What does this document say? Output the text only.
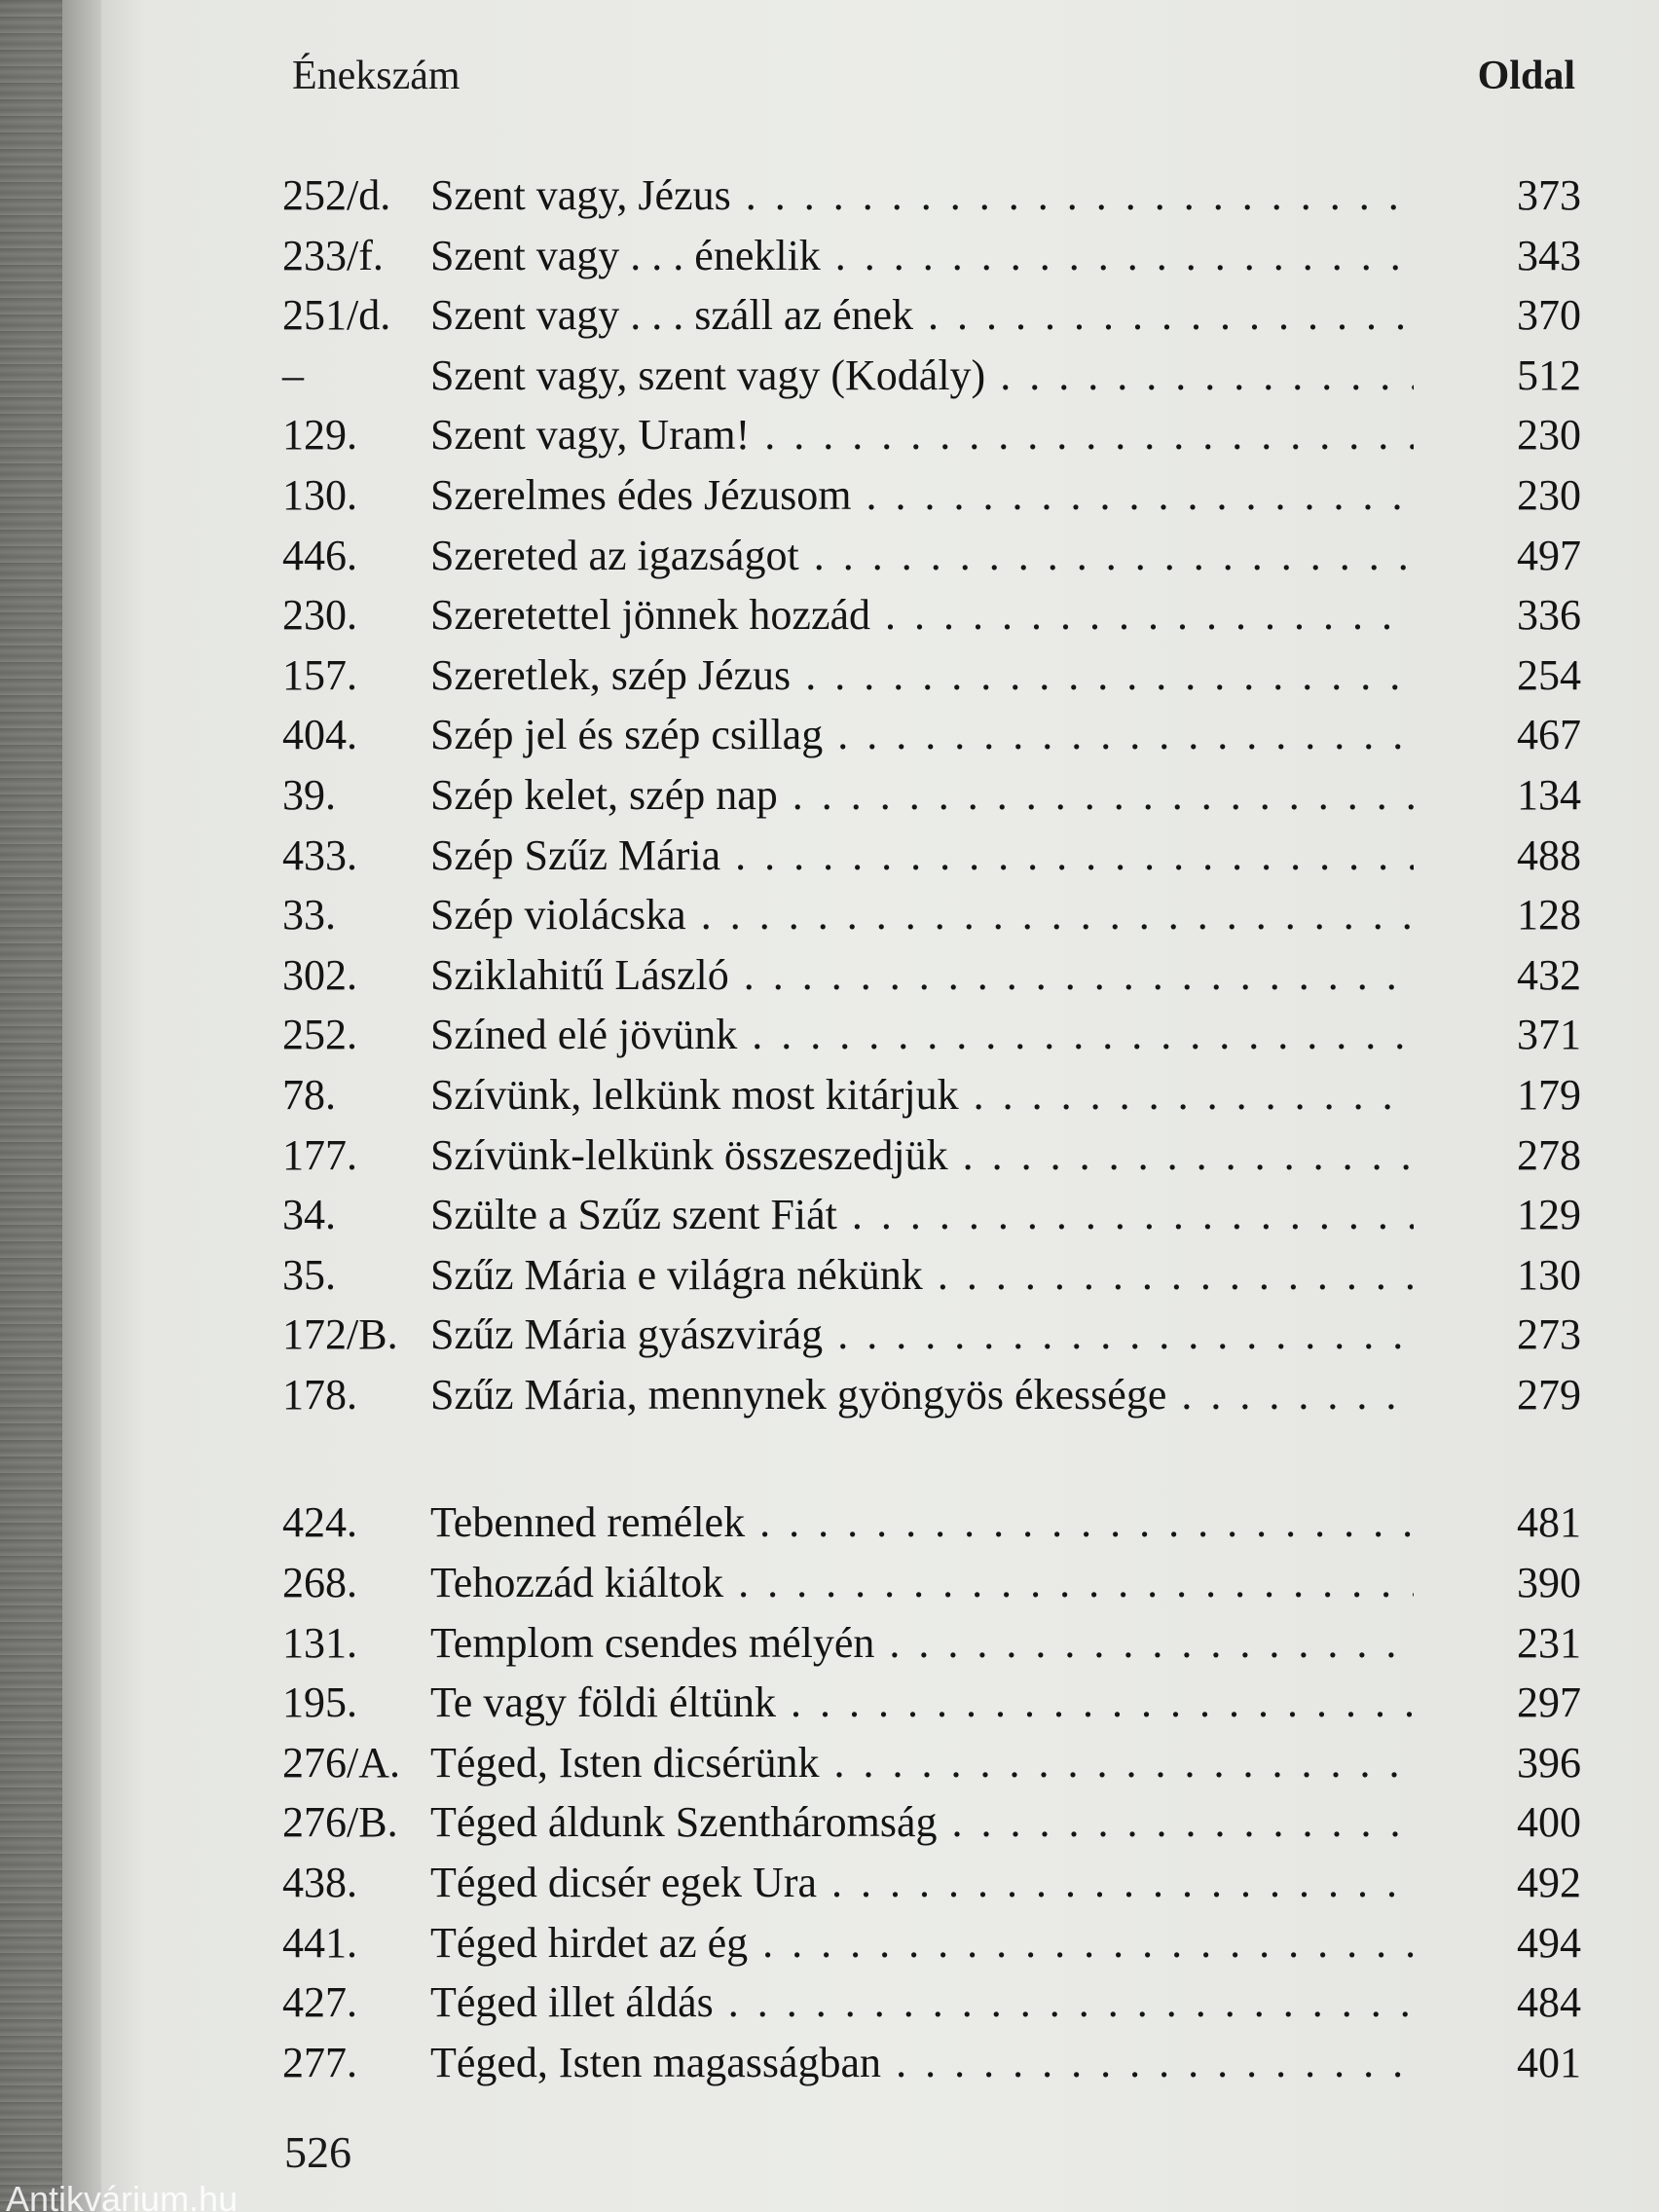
Énekszám	Oldal
252/d. Szent vagy, Jézus . . .	373
233/f.	Szent vagy . . . éneklik . . .	343
251/d. Szent vagy . . . száll az ének . . .	370
–	Szent vagy, szent vagy (Kodály) . . .	512
129.	Szent vagy, Uram! . . .	230
130.	Szerelmes édes Jézusom . . .	230
446.	Szereted az igazságot . . .	497
230.	Szeretettel jönnek hozzád . . .	336
157.	Szeretlek, szép Jézus . . .	254
404.	Szép jel és szép csillag . . .	467
39.	Szép kelet, szép nap . . .	134
433.	Szép Szűz Mária . . .	488
33.	Szép violácska . . .	128
302.	Sziklahitű László . . .	432
252.	Színed elé jövünk . . .	371
78.	Szívünk, lelkünk most kitárjuk . . .	179
177.	Szívünk-lelkünk összeszedjük . . .	278
34.	Szülte a Szűz szent Fiát . . .	129
35.	Szűz Mária e világra nékünk . . .	130
172/B. Szűz Mária gyászvirág . . .	273
178.	Szűz Mária, mennynek gyöngyös ékessége . . .	279
424.	Tebenned remélek . . .	481
268.	Tehozzád kiáltok . . .	390
131.	Templom csendes mélyén . . .	231
195.	Te vagy földi éltünk . . .	297
276/A. Téged, Isten dicsérünk . . .	396
276/B. Téged áldunk Szentháromság . . .	400
438.	Téged dicsér egek Ura . . .	492
441.	Téged hirdet az ég . . .	494
427.	Téged illet áldás . . .	484
277.	Téged, Isten magasságban . . .	401
526
Antikvárium.hu
